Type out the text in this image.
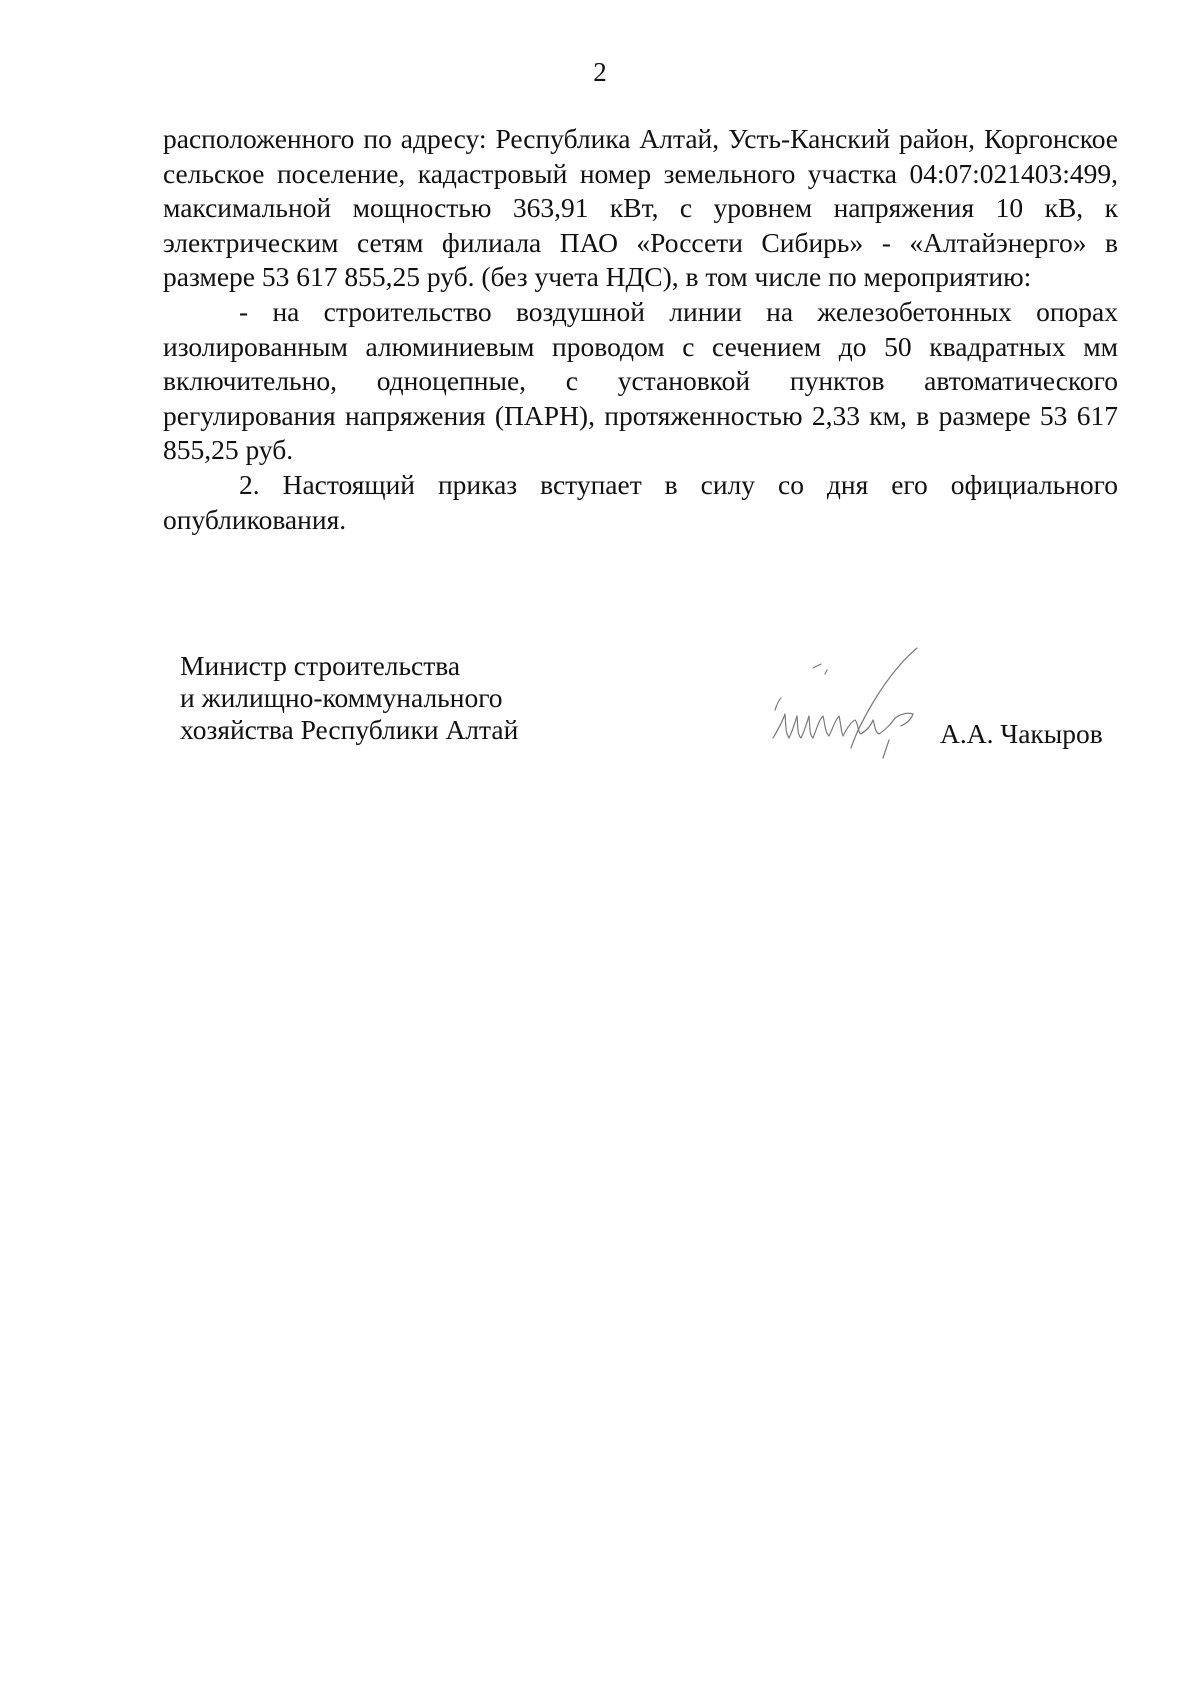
2

расположенного по адресу: Республика Алтай, Усть-Канский район, Коргонское сельское поселение, кадастровый номер земельного участка 04:07:021403:499, максимальной мощностью 363,91 кВт, с уровнем напряжения 10 кВ, к электрическим сетям филиала ПАО «Россети Сибирь» - «Алтайэнерго» в размере 53 617 855,25 руб. (без учета НДС), в том числе по мероприятию:

- на строительство воздушной линии на железобетонных опорах изолированным алюминиевым проводом с сечением до 50 квадратных мм включительно, одноцепные, с установкой пунктов автоматического регулирования напряжения (ПАРН), протяженностью 2,33 км, в размере 53 617 855,25 руб.

2. Настоящий приказ вступает в силу со дня его официального опубликования.

Министр строительства
и жилищно-коммунального
хозяйства Республики Алтай	А.А. Чакыров
